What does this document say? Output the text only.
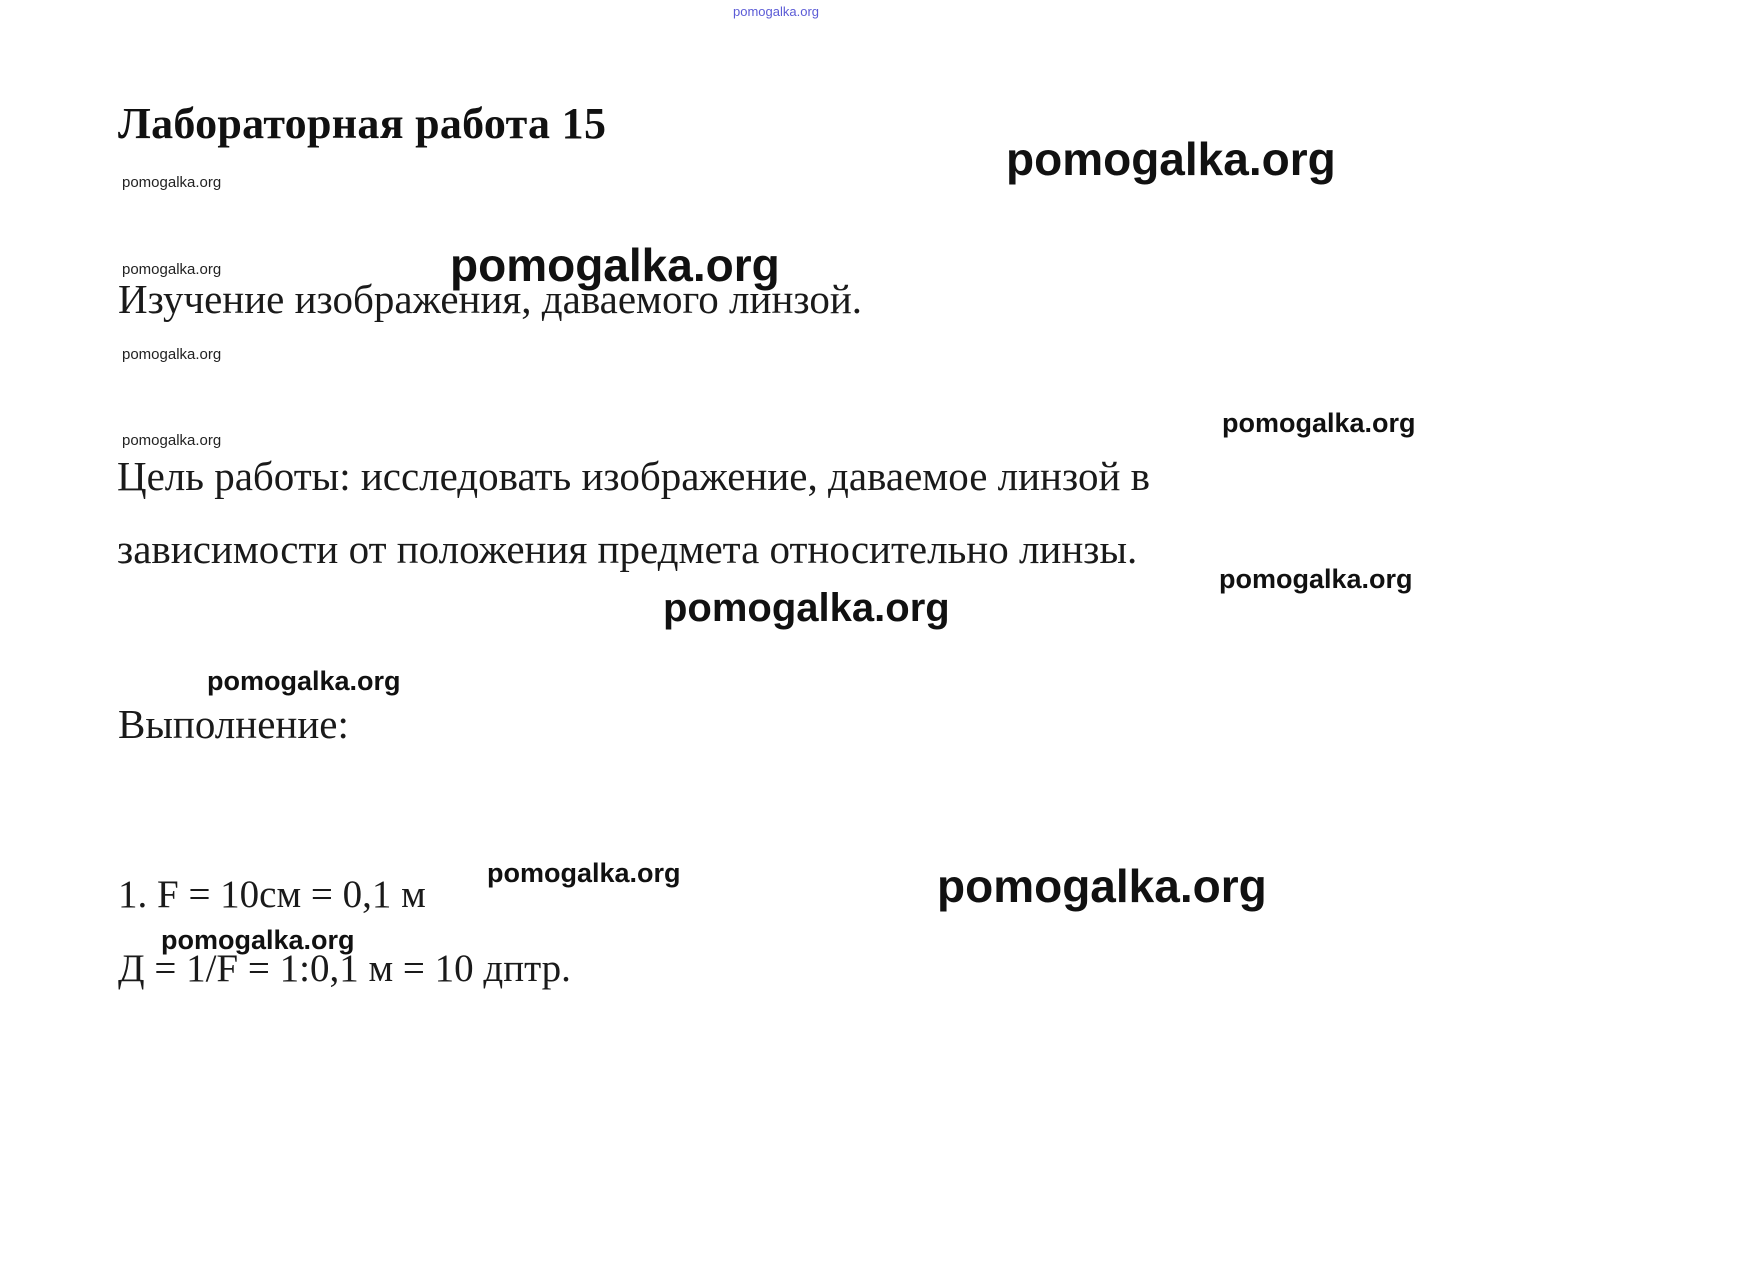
Лабораторная работа 15
Изучение изображения, даваемого линзой.
Цель работы: исследовать изображение, даваемое линзой в
зависимости от положения предмета относительно линзы.
Выполнение:
1. F = 10см = 0,1 м
Д = 1/F = 1:0,1 м = 10 дптр.
pomogalka.org
pomogalka.org	pomogalka.org
pomogalka.org	pomogalka.org
pomogalka.org
pomogalka.org
pomogalka.org
pomogalka.org
pomogalka.org
pomogalka.org
pomogalka.org	pomogalka.org
pomogalka.org
